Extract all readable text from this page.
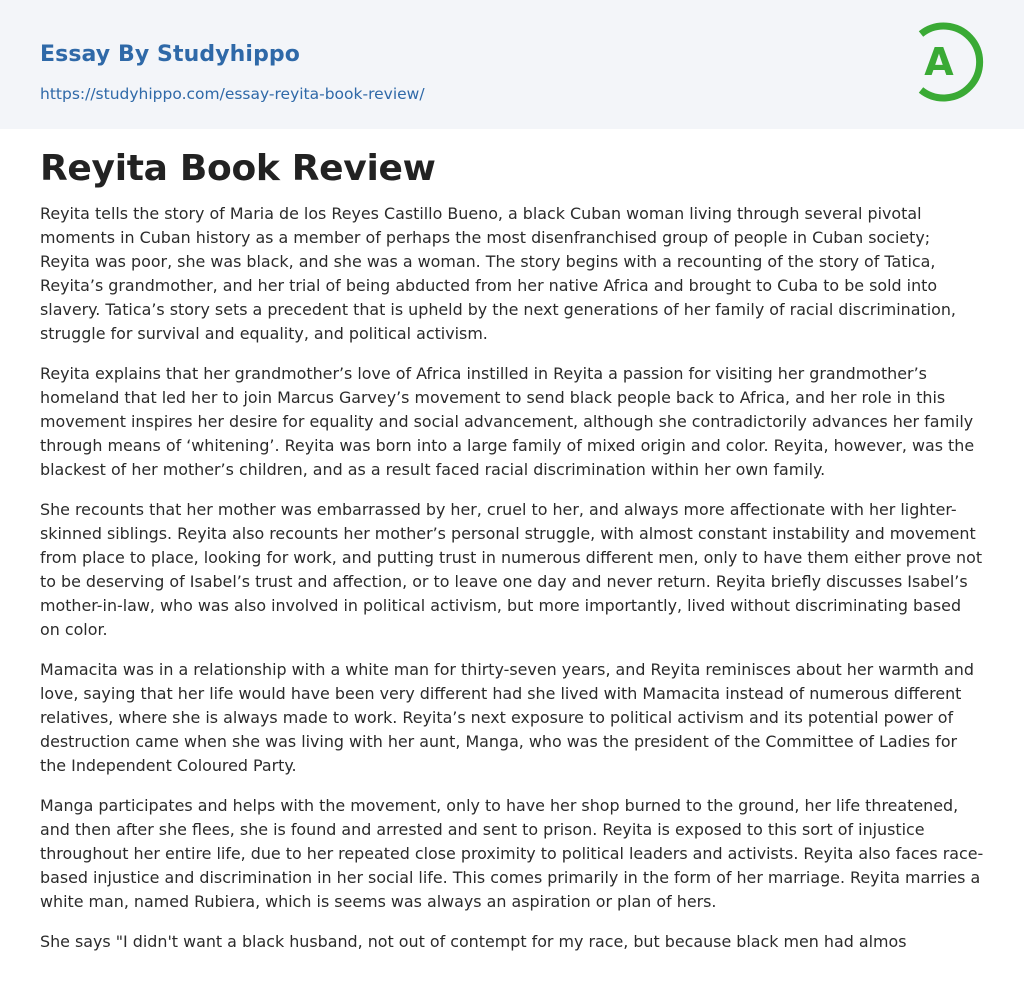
Essay By Studyhippo
https://studyhippo.com/essay-reyita-book-review/
A
Reyita Book Review

Reyita tells the story of Maria de los Reyes Castillo Bueno, a black Cuban woman living through several pivotal moments in Cuban history as a member of perhaps the most disenfranchised group of people in Cuban society; Reyita was poor, she was black, and she was a woman. The story begins with a recounting of the story of Tatica, Reyita’s grandmother, and her trial of being abducted from her native Africa and brought to Cuba to be sold into slavery. Tatica’s story sets a precedent that is upheld by the next generations of her family of racial discrimination, struggle for survival and equality, and political activism.

Reyita explains that her grandmother’s love of Africa instilled in Reyita a passion for visiting her grandmother’s homeland that led her to join Marcus Garvey’s movement to send black people back to Africa, and her role in this movement inspires her desire for equality and social advancement, although she contradictorily advances her family through means of ‘whitening’. Reyita was born into a large family of mixed origin and color. Reyita, however, was the blackest of her mother’s children, and as a result faced racial discrimination within her own family.

She recounts that her mother was embarrassed by her, cruel to her, and always more affectionate with her lighter-skinned siblings. Reyita also recounts her mother’s personal struggle, with almost constant instability and movement from place to place, looking for work, and putting trust in numerous different men, only to have them either prove not to be deserving of Isabel’s trust and affection, or to leave one day and never return. Reyita briefly discusses Isabel’s mother-in-law, who was also involved in political activism, but more importantly, lived without discriminating based on color.

Mamacita was in a relationship with a white man for thirty-seven years, and Reyita reminisces about her warmth and love, saying that her life would have been very different had she lived with Mamacita instead of numerous different relatives, where she is always made to work. Reyita’s next exposure to political activism and its potential power of destruction came when she was living with her aunt, Manga, who was the president of the Committee of Ladies for the Independent Coloured Party.

Manga participates and helps with the movement, only to have her shop burned to the ground, her life threatened, and then after she flees, she is found and arrested and sent to prison. Reyita is exposed to this sort of injustice throughout her entire life, due to her repeated close proximity to political leaders and activists. Reyita also faces race-based injustice and discrimination in her social life. This comes primarily in the form of her marriage. Reyita marries a white man, named Rubiera, which is seems was always an aspiration or plan of hers.

She says "I didn't want a black husband, not out of contempt for my race, but because black men had almos
